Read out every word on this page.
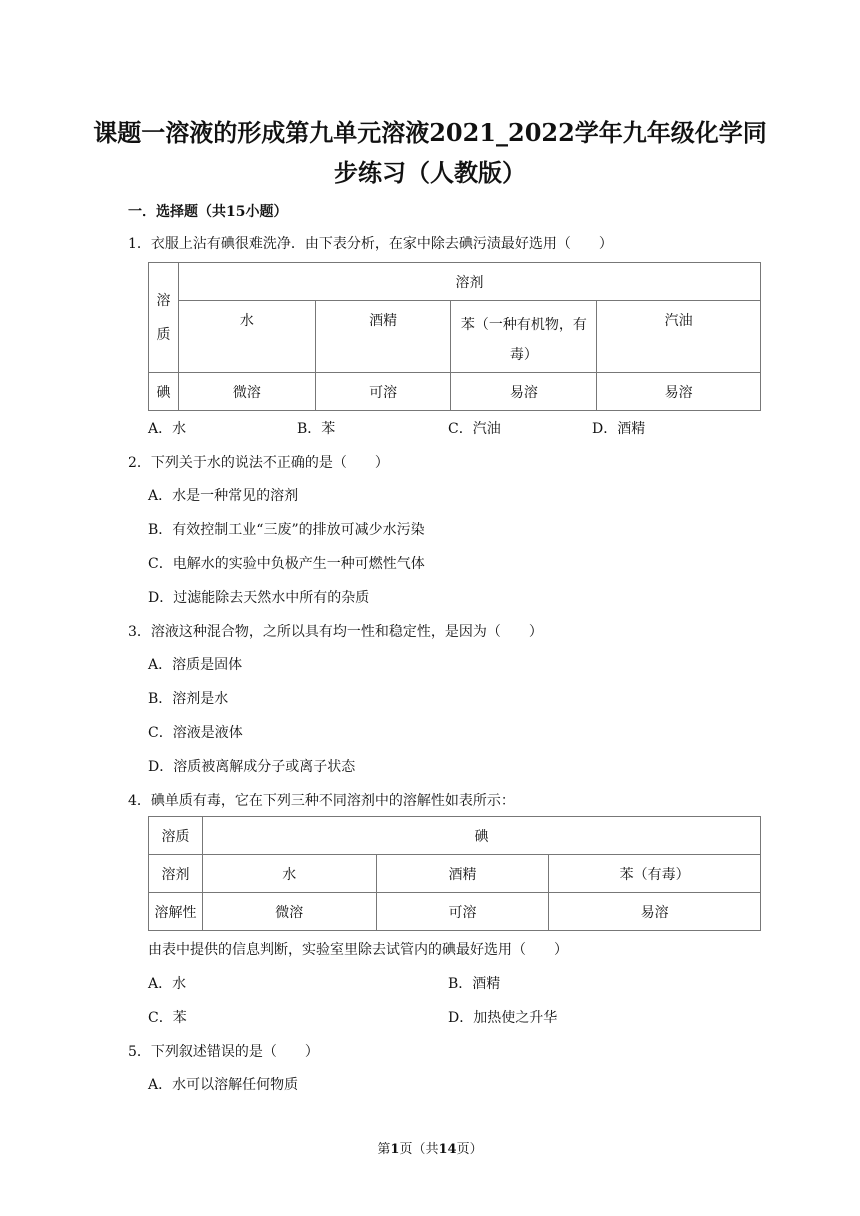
课题一溶液的形成第九单元溶液2021_2022学年九年级化学同
步练习（人教版）
一．选择题（共15小题）
1．衣服上沾有碘很难洗净．由下表分析，在家中除去碘污渍最好选用（　　）
溶质	溶剂			
	水	酒精	苯（一种有机物，有毒）	汽油
碘	微溶	可溶	易溶	易溶
A．水	B．苯	C．汽油	D．酒精
2．下列关于水的说法不正确的是（　　）
A．水是一种常见的溶剂
B．有效控制工业“三废”的排放可减少水污染
C．电解水的实验中负极产生一种可燃性气体
D．过滤能除去天然水中所有的杂质
3．溶液这种混合物，之所以具有均一性和稳定性，是因为（　　）
A．溶质是固体
B．溶剂是水
C．溶液是液体
D．溶质被离解成分子或离子状态
4．碘单质有毒，它在下列三种不同溶剂中的溶解性如表所示：
溶质	碘		
溶剂	水	酒精	苯（有毒）
溶解性	微溶	可溶	易溶
由表中提供的信息判断，实验室里除去试管内的碘最好选用（　　）
A．水	B．酒精
C．苯	D．加热使之升华
5．下列叙述错误的是（　　）
A．水可以溶解任何物质
第1页（共14页）
